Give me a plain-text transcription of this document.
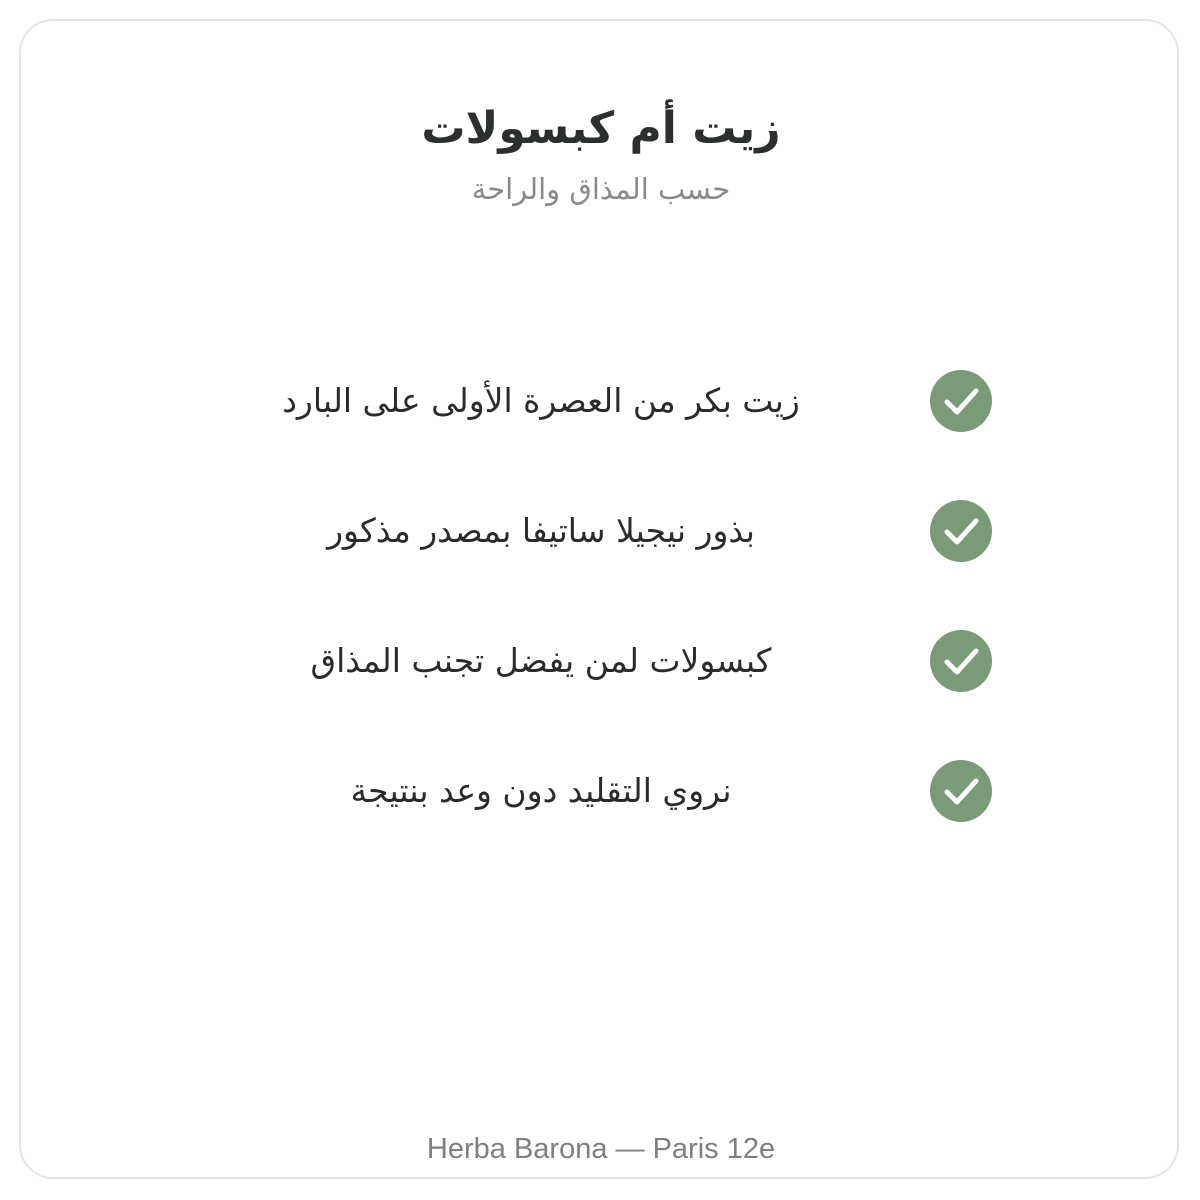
زيت أم كبسولات
حسب المذاق والراحة
زيت بكر من العصرة الأولى على البارد
بذور نيجيلا ساتيفا بمصدر مذكور
كبسولات لمن يفضل تجنب المذاق
نروي التقليد دون وعد بنتيجة
Herba Barona — Paris 12e
